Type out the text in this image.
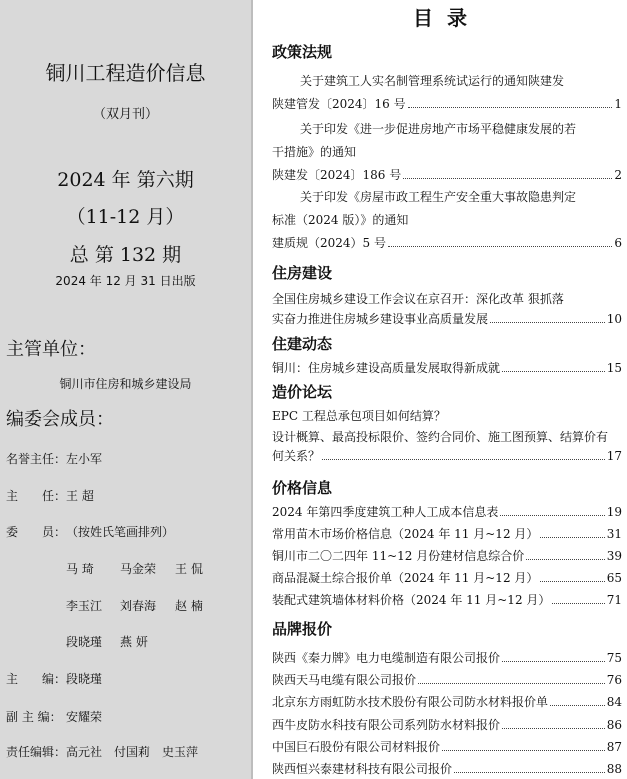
铜川工程造价信息
（双月刊）
2024 年 第六期
（11-12 月）
总 第 132 期
2024 年 12 月 31 日出版
主管单位：
铜川市住房和城乡建设局
编委会成员：
名誉主任：左小军
主　　任： 王 超
委　　员： （按姓氏笔画排列）
马 琦 马金荣 王 侃
李玉江 刘春海 赵 楠
段晓瑾 燕 妍
主　　编： 段晓瑾
副 主 编： 安耀荣
责任编辑： 高元社　付国莉　史玉萍
目录
政策法规
关于建筑工人实名制管理系统试运行的通知陕建发
陕建管发〔2024〕16 号	1
关于印发《进一步促进房地产市场平稳健康发展的若
干措施》的通知
陕建发〔2024〕186 号	2
关于印发《房屋市政工程生产安全重大事故隐患判定
标准（2024 版）》的通知
建质规（2024）5 号	6
住房建设
全国住房城乡建设工作会议在京召开：深化改革 狠抓落
实奋力推进住房城乡建设事业高质量发展	10
住建动态
铜川：住房城乡建设高质量发展取得新成就	15
造价论坛
EPC 工程总承包项目如何结算？
设计概算、最高投标限价、签约合同价、施工图预算、结算价有
何关系？	17
价格信息
2024 年第四季度建筑工种人工成本信息表	19
常用苗木市场价格信息（2024 年 11 月~12 月）	31
铜川市二〇二四年 11~12 月份建材信息综合价	39
商品混凝土综合报价单（2024 年 11 月~12 月）	65
装配式建筑墙体材料价格（2024 年 11 月~12 月）	71
品牌报价
陕西《秦力牌》电力电缆制造有限公司报价	75
陕西天马电缆有限公司报价	76
北京东方雨虹防水技术股份有限公司防水材料报价单	84
西牛皮防水科技有限公司系列防水材料报价	86
中国巨石股份有限公司材料报价	87
陕西恒兴泰建材科技有限公司报价	88
